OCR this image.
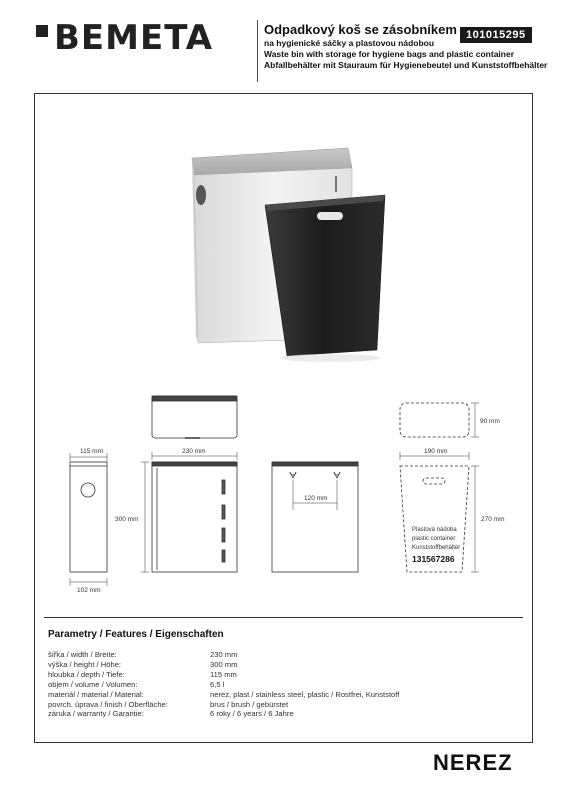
BEMETA	Odpadkový koš se zásobníkem
na hygienické sáčky a plastovou nádobou
Waste bin with storage for hygiene bags and plastic container
Abfallbehälter mit Stauraum für Hygienebeutel und Kunststoffbehälter
101015295
230 mm
115 mm
102 mm
300 mm
120 mm
90 mm
190 mm
270 mm
Plastová nádoba
plastic container
Kunststoffbehälter
131567286
Parametry / Features / Eigenschaften
šířka / width / Breite:	230 mm
výška / height / Höhe:	300 mm
hloubka / depth / Tiefe:	115 mm
objem / volume / Volumen:	6,5 l
materiál / material / Material:	nerez, plast / stainless steel, plastic / Rostfrei, Kunststoff
povrch. úprava / finish / Oberfläche:	brus / brush / gebürstet
záruka / warranty / Garantie:	6 roky / 6 years / 6 Jahre
NEREZ
